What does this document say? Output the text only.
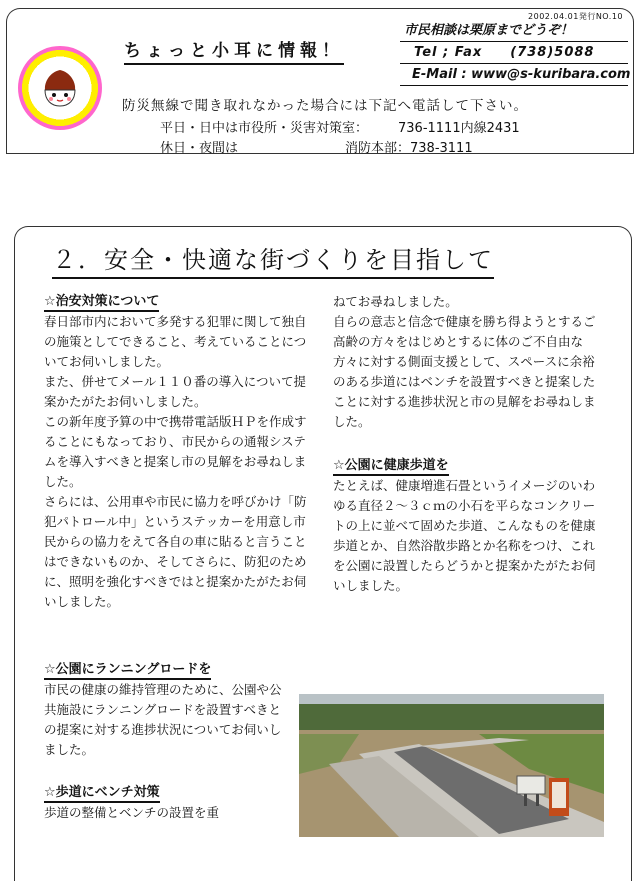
2002.04.01発行NO.10
ちょっと小耳に情報！
市民相談は栗原までどうぞ！
Tel ; Fax　　(738)5088
E-Mail : www@s-kuribara.com
防災無線で聞き取れなかった場合には下記へ電話して下さい。
平日・日中は市役所・災害対策室： 736-1111内線2431
休日・夜間は	消防本部：738-3111
２．安全・快適な街づくりを目指して
☆治安対策について

春日部市内において多発する犯罪に関して独自の施策としてできること、考えていることについてお伺いしました。

また、併せてメール１１０番の導入について提案かたがたお伺いしました。

この新年度予算の中で携帯電話版ＨＰを作成することにもなっており、市民からの通報システムを導入すべきと提案し市の見解をお尋ねしました。

さらには、公用車や市民に協力を呼びかけ「防犯パトロール中」というステッカーを用意し市民からの協力をえて各自の車に貼ると言うことはできないものか、そしてさらに、防犯のために、照明を強化すべきではと提案かたがたお伺いしました。

ねてお尋ねしました。

自らの意志と信念で健康を勝ち得ようとするご高齢の方々をはじめとするに体のご不自由な方々に対する側面支援として、スペースに余裕のある歩道にはベンチを設置すべきと提案したことに対する進捗状況と市の見解をお尋ねしました。

☆公園に健康歩道を
たとえば、健康増進石畳というイメージのいわゆる直径２～３ｃｍの小石を平らなコンクリートの上に並べて固めた歩道、こんなものを健康歩道とか、自然浴散歩路とか名称をつけ、これを公園に設置したらどうかと提案かたがたお伺いしました。
☆公園にランニングロードを
市民の健康の維持管理のために、公園や公共施設にランニングロードを設置すべきとの提案に対する進捗状況についてお伺いしました。
☆歩道にベンチ対策
歩道の整備とベンチの設置を重
